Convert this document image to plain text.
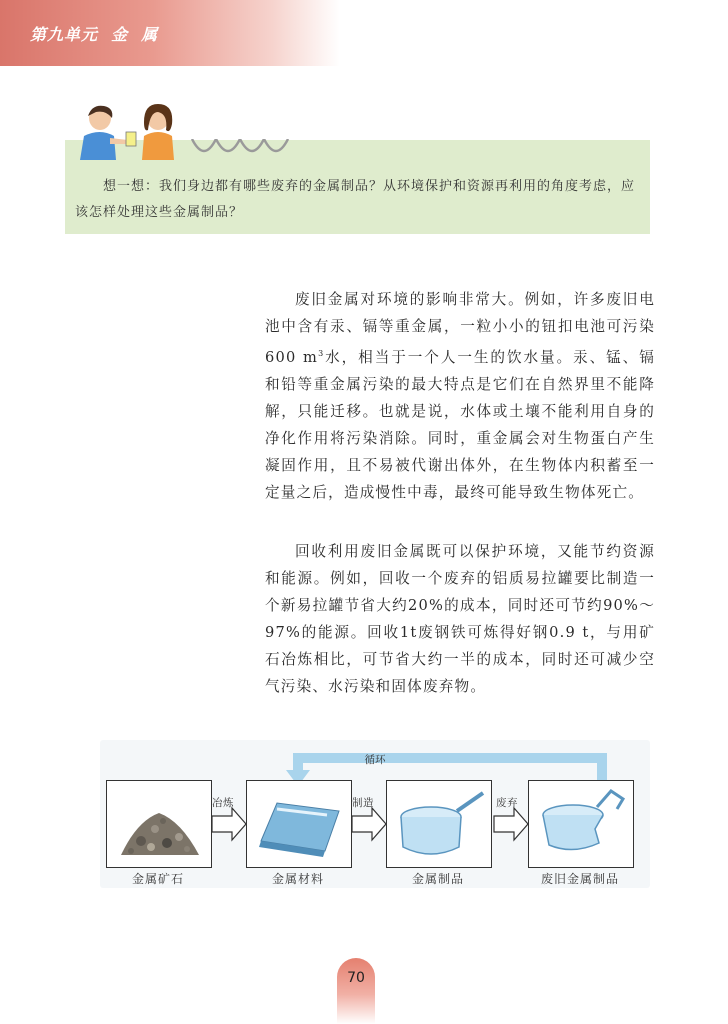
第九单元  金  属
想一想：我们身边都有哪些废弃的金属制品？从环境保护和资源再利用的角度考虑，应该怎样处理这些金属制品？
废旧金属对环境的影响非常大。例如，许多废旧电池中含有汞、镉等重金属，一粒小小的钮扣电池可污染600 $m^3$水，相当于一个人一生的饮水量。汞、锰、镉和铅等重金属污染的最大特点是它们在自然界里不能降解，只能迁移。也就是说，水体或土壤不能利用自身的净化作用将污染消除。同时，重金属会对生物蛋白产生凝固作用，且不易被代谢出体外，在生物体内积蓄至一定量之后，造成慢性中毒，最终可能导致生物体死亡。
回收利用废旧金属既可以保护环境，又能节约资源和能源。例如，回收一个废弃的铝质易拉罐要比制造一个新易拉罐节省大约20%的成本，同时还可节约90%～97%的能源。回收1t废钢铁可炼得好钢0.9 t，与用矿石冶炼相比，可节省大约一半的成本，同时还可减少空气污染、水污染和固体废弃物。
循环
冶炼	制造	废弃
金属矿石	金属材料	金属制品	废旧金属制品
70
